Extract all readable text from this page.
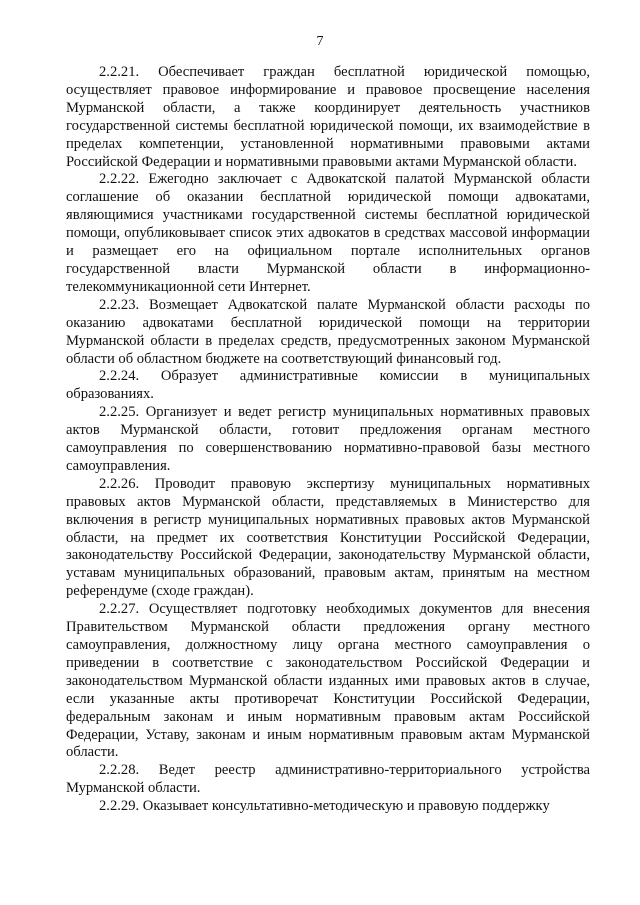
7

2.2.21. Обеспечивает граждан бесплатной юридической помощью, осуществляет правовое информирование и правовое просвещение населения Мурманской области, а также координирует деятельность участников государственной системы бесплатной юридической помощи, их взаимодействие в пределах компетенции, установленной нормативными правовыми актами Российской Федерации и нормативными правовыми актами Мурманской области.

2.2.22. Ежегодно заключает с Адвокатской палатой Мурманской области соглашение об оказании бесплатной юридической помощи адвокатами, являющимися участниками государственной системы бесплатной юридической помощи, опубликовывает список этих адвокатов в средствах массовой информации и размещает его на официальном портале исполнительных органов государственной власти Мурманской области в информационно-телекоммуникационной сети Интернет.

2.2.23. Возмещает Адвокатской палате Мурманской области расходы по оказанию адвокатами бесплатной юридической помощи на территории Мурманской области в пределах средств, предусмотренных законом Мурманской области об областном бюджете на соответствующий финансовый год.

2.2.24. Образует административные комиссии в муниципальных образованиях.

2.2.25. Организует и ведет регистр муниципальных нормативных правовых актов Мурманской области, готовит предложения органам местного самоуправления по совершенствованию нормативно-правовой базы местного самоуправления.

2.2.26. Проводит правовую экспертизу муниципальных нормативных правовых актов Мурманской области, представляемых в Министерство для включения в регистр муниципальных нормативных правовых актов Мурманской области, на предмет их соответствия Конституции Российской Федерации, законодательству Российской Федерации, законодательству Мурманской области, уставам муниципальных образований, правовым актам, принятым на местном референдуме (сходе граждан).

2.2.27. Осуществляет подготовку необходимых документов для внесения Правительством Мурманской области предложения органу местного самоуправления, должностному лицу органа местного самоуправления о приведении в соответствие с законодательством Российской Федерации и законодательством Мурманской области изданных ими правовых актов в случае, если указанные акты противоречат Конституции Российской Федерации, федеральным законам и иным нормативным правовым актам Российской Федерации, Уставу, законам и иным нормативным правовым актам Мурманской области.

2.2.28. Ведет реестр административно-территориального устройства Мурманской области.

2.2.29. Оказывает консультативно-методическую и правовую поддержку
